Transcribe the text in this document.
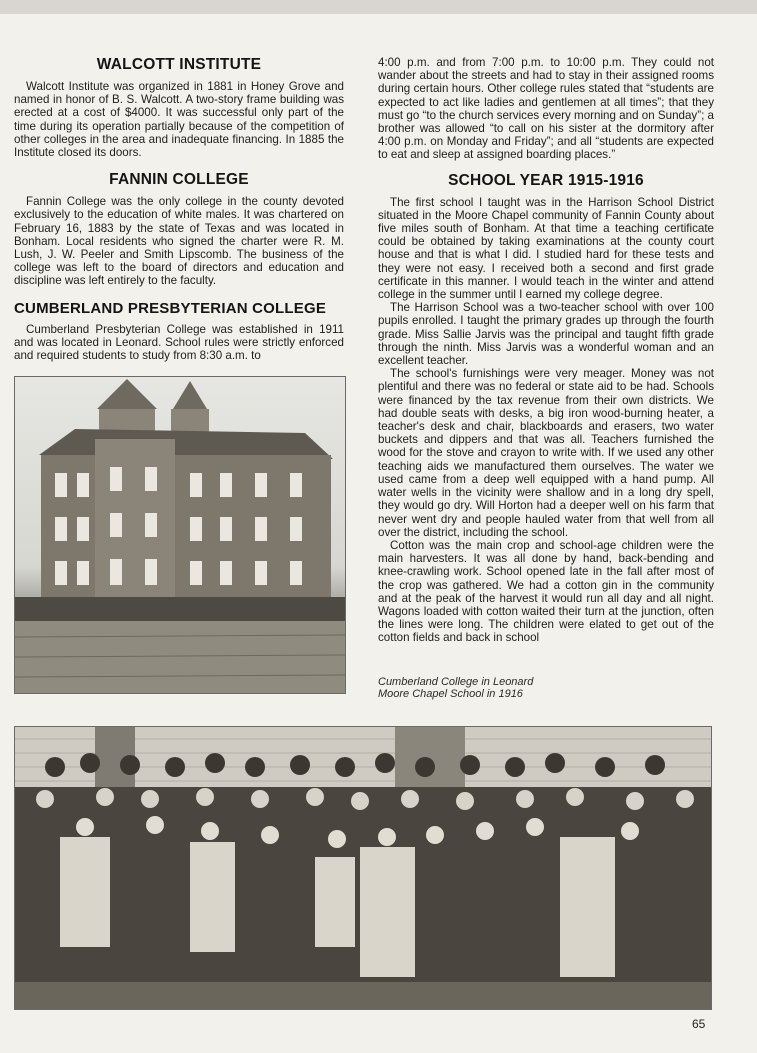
WALCOTT INSTITUTE

Walcott Institute was organized in 1881 in Honey Grove and named in honor of B. S. Walcott. A two-story frame building was erected at a cost of $4000. It was successful only part of the time during its operation partially because of the competition of other colleges in the area and inadequate financing. In 1885 the Institute closed its doors.

FANNIN COLLEGE

Fannin College was the only college in the county devoted exclusively to the education of white males. It was chartered on February 16, 1883 by the state of Texas and was located in Bonham. Local residents who signed the charter were R. M. Lush, J. W. Peeler and Smith Lipscomb. The business of the college was left to the board of directors and education and discipline was left entirely to the faculty.

CUMBERLAND PRESBYTERIAN COLLEGE

Cumberland Presbyterian College was established in 1911 and was located in Leonard. School rules were strictly enforced and required students to study from 8:30 a.m. to

4:00 p.m. and from 7:00 p.m. to 10:00 p.m. They could not wander about the streets and had to stay in their assigned rooms during certain hours. Other college rules stated that “students are expected to act like ladies and gentlemen at all times”; that they must go “to the church services every morning and on Sunday”; a brother was allowed “to call on his sister at the dormitory after 4:00 p.m. on Monday and Friday”; and all “students are expected to eat and sleep at assigned boarding places.”

SCHOOL YEAR 1915-1916

The first school I taught was in the Harrison School District situated in the Moore Chapel community of Fannin County about five miles south of Bonham. At that time a teaching certificate could be obtained by taking examinations at the county court house and that is what I did. I studied hard for these tests and they were not easy. I received both a second and first grade certificate in this manner. I would teach in the winter and attend college in the summer until I earned my college degree.

The Harrison School was a two-teacher school with over 100 pupils enrolled. I taught the primary grades up through the fourth grade. Miss Sallie Jarvis was the principal and taught fifth grade through the ninth. Miss Jarvis was a wonderful woman and an excellent teacher.

The school's furnishings were very meager. Money was not plentiful and there was no federal or state aid to be had. Schools were financed by the tax revenue from their own districts. We had double seats with desks, a big iron wood-burning heater, a teacher's desk and chair, blackboards and erasers, two water buckets and dippers and that was all. Teachers furnished the wood for the stove and crayon to write with. If we used any other teaching aids we manufactured them ourselves. The water we used came from a deep well equipped with a hand pump. All water wells in the vicinity were shallow and in a long dry spell, they would go dry. Will Horton had a deeper well on his farm that never went dry and people hauled water from that well from all over the district, including the school.

Cotton was the main crop and school-age children were the main harvesters. It was all done by hand, back-bending and knee-crawling work. School opened late in the fall after most of the crop was gathered. We had a cotton gin in the community and at the peak of the harvest it would run all day and all night. Wagons loaded with cotton waited their turn at the junction, often the lines were long. The children were elated to get out of the cotton fields and back in school

Cumberland College in Leonard
Moore Chapel School in 1916
65
